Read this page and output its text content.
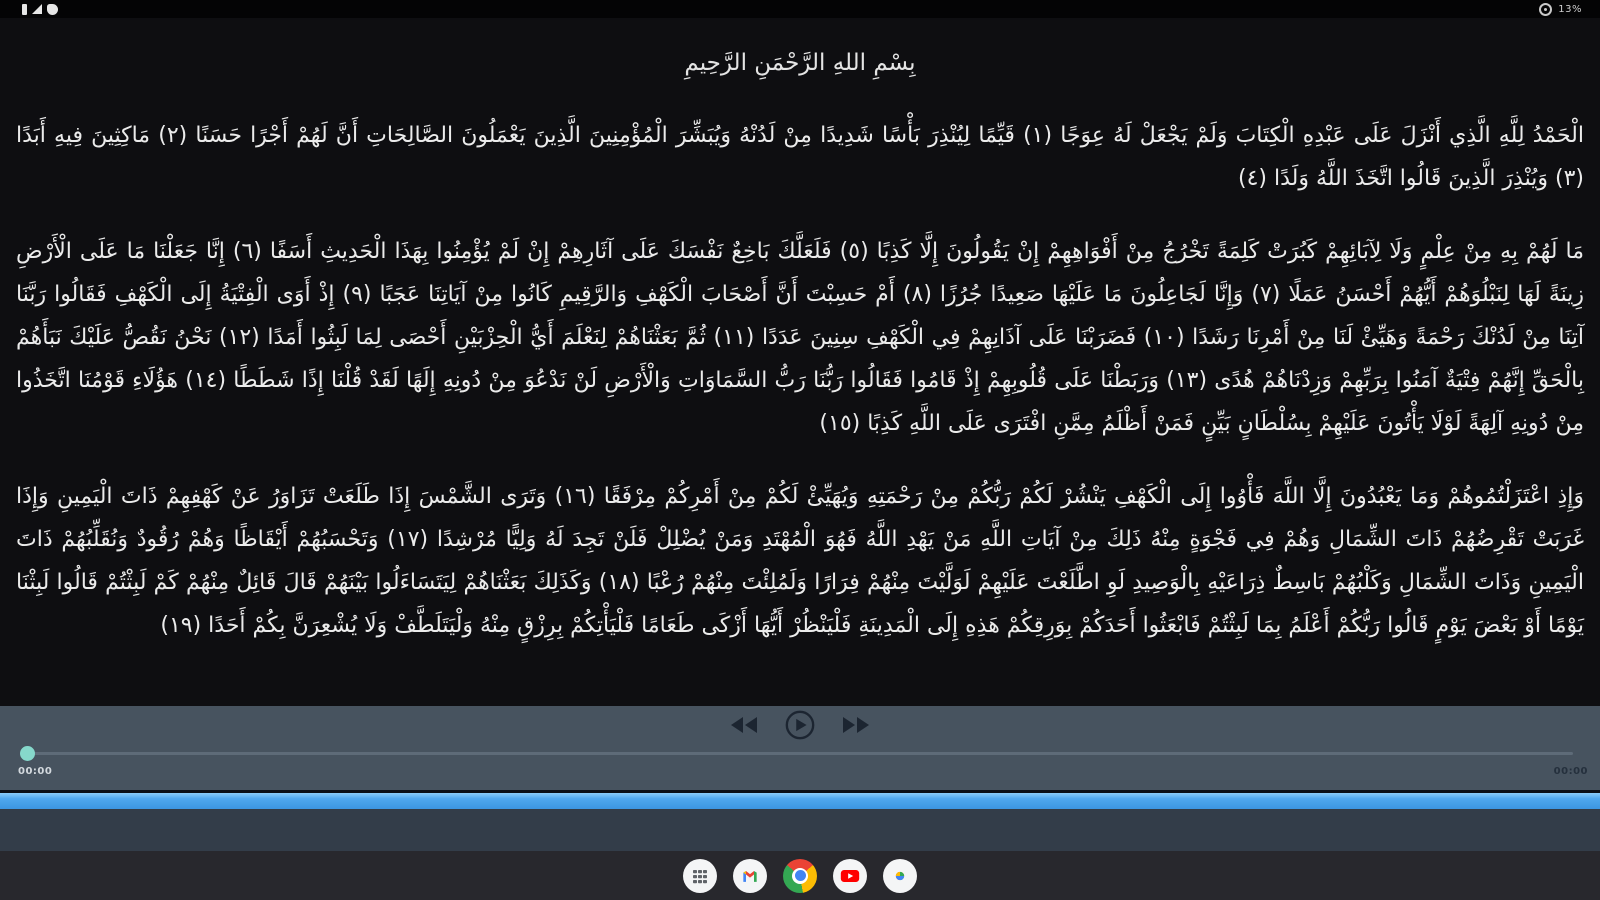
13%
بِسْمِ اللهِ الرَّحْمَنِ الرَّحِيمِ

الْحَمْدُ لِلَّهِ الَّذِي أَنْزَلَ عَلَى عَبْدِهِ الْكِتَابَ وَلَمْ يَجْعَلْ لَهُ عِوَجًا (١) قَيِّمًا لِيُنْذِرَ بَأْسًا شَدِيدًا مِنْ لَدُنْهُ وَيُبَشِّرَ الْمُؤْمِنِينَ الَّذِينَ يَعْمَلُونَ الصَّالِحَاتِ أَنَّ لَهُمْ أَجْرًا حَسَنًا (٢) مَاكِثِينَ فِيهِ أَبَدًا (٣) وَيُنْذِرَ الَّذِينَ قَالُوا اتَّخَذَ اللَّهُ وَلَدًا (٤)

مَا لَهُمْ بِهِ مِنْ عِلْمٍ وَلَا لِآبَائِهِمْ كَبُرَتْ كَلِمَةً تَخْرُجُ مِنْ أَفْوَاهِهِمْ إِنْ يَقُولُونَ إِلَّا كَذِبًا (٥) فَلَعَلَّكَ بَاخِعٌ نَفْسَكَ عَلَى آثَارِهِمْ إِنْ لَمْ يُؤْمِنُوا بِهَذَا الْحَدِيثِ أَسَفًا (٦) إِنَّا جَعَلْنَا مَا عَلَى الْأَرْضِ زِينَةً لَهَا لِنَبْلُوَهُمْ أَيُّهُمْ أَحْسَنُ عَمَلًا (٧) وَإِنَّا لَجَاعِلُونَ مَا عَلَيْهَا صَعِيدًا جُرُزًا (٨) أَمْ حَسِبْتَ أَنَّ أَصْحَابَ الْكَهْفِ وَالرَّقِيمِ كَانُوا مِنْ آيَاتِنَا عَجَبًا (٩) إِذْ أَوَى الْفِتْيَةُ إِلَى الْكَهْفِ فَقَالُوا رَبَّنَا آتِنَا مِنْ لَدُنْكَ رَحْمَةً وَهَيِّئْ لَنَا مِنْ أَمْرِنَا رَشَدًا (١٠) فَضَرَبْنَا عَلَى آذَانِهِمْ فِي الْكَهْفِ سِنِينَ عَدَدًا (١١) ثُمَّ بَعَثْنَاهُمْ لِنَعْلَمَ أَيُّ الْحِزْبَيْنِ أَحْصَى لِمَا لَبِثُوا أَمَدًا (١٢) نَحْنُ نَقُصُّ عَلَيْكَ نَبَأَهُمْ بِالْحَقِّ إِنَّهُمْ فِتْيَةٌ آمَنُوا بِرَبِّهِمْ وَزِدْنَاهُمْ هُدًى (١٣) وَرَبَطْنَا عَلَى قُلُوبِهِمْ إِذْ قَامُوا فَقَالُوا رَبُّنَا رَبُّ السَّمَاوَاتِ وَالْأَرْضِ لَنْ نَدْعُوَ مِنْ دُونِهِ إِلَهًا لَقَدْ قُلْنَا إِذًا شَطَطًا (١٤) هَؤُلَاءِ قَوْمُنَا اتَّخَذُوا مِنْ دُونِهِ آلِهَةً لَوْلَا يَأْتُونَ عَلَيْهِمْ بِسُلْطَانٍ بَيِّنٍ فَمَنْ أَظْلَمُ مِمَّنِ افْتَرَى عَلَى اللَّهِ كَذِبًا (١٥)

وَإِذِ اعْتَزَلْتُمُوهُمْ وَمَا يَعْبُدُونَ إِلَّا اللَّهَ فَأْوُوا إِلَى الْكَهْفِ يَنْشُرْ لَكُمْ رَبُّكُمْ مِنْ رَحْمَتِهِ وَيُهَيِّئْ لَكُمْ مِنْ أَمْرِكُمْ مِرْفَقًا (١٦) وَتَرَى الشَّمْسَ إِذَا طَلَعَتْ تَزَاوَرُ عَنْ كَهْفِهِمْ ذَاتَ الْيَمِينِ وَإِذَا غَرَبَتْ تَقْرِضُهُمْ ذَاتَ الشِّمَالِ وَهُمْ فِي فَجْوَةٍ مِنْهُ ذَلِكَ مِنْ آيَاتِ اللَّهِ مَنْ يَهْدِ اللَّهُ فَهُوَ الْمُهْتَدِ وَمَنْ يُضْلِلْ فَلَنْ تَجِدَ لَهُ وَلِيًّا مُرْشِدًا (١٧) وَتَحْسَبُهُمْ أَيْقَاظًا وَهُمْ رُقُودٌ وَنُقَلِّبُهُمْ ذَاتَ الْيَمِينِ وَذَاتَ الشِّمَالِ وَكَلْبُهُمْ بَاسِطٌ ذِرَاعَيْهِ بِالْوَصِيدِ لَوِ اطَّلَعْتَ عَلَيْهِمْ لَوَلَّيْتَ مِنْهُمْ فِرَارًا وَلَمُلِئْتَ مِنْهُمْ رُعْبًا (١٨) وَكَذَلِكَ بَعَثْنَاهُمْ لِيَتَسَاءَلُوا بَيْنَهُمْ قَالَ قَائِلٌ مِنْهُمْ كَمْ لَبِثْتُمْ قَالُوا لَبِثْنَا يَوْمًا أَوْ بَعْضَ يَوْمٍ قَالُوا رَبُّكُمْ أَعْلَمُ بِمَا لَبِثْتُمْ فَابْعَثُوا أَحَدَكُمْ بِوَرِقِكُمْ هَذِهِ إِلَى الْمَدِينَةِ فَلْيَنْظُرْ أَيُّهَا أَزْكَى طَعَامًا فَلْيَأْتِكُمْ بِرِزْقٍ مِنْهُ وَلْيَتَلَطَّفْ وَلَا يُشْعِرَنَّ بِكُمْ أَحَدًا (١٩)

00:00	00:00
